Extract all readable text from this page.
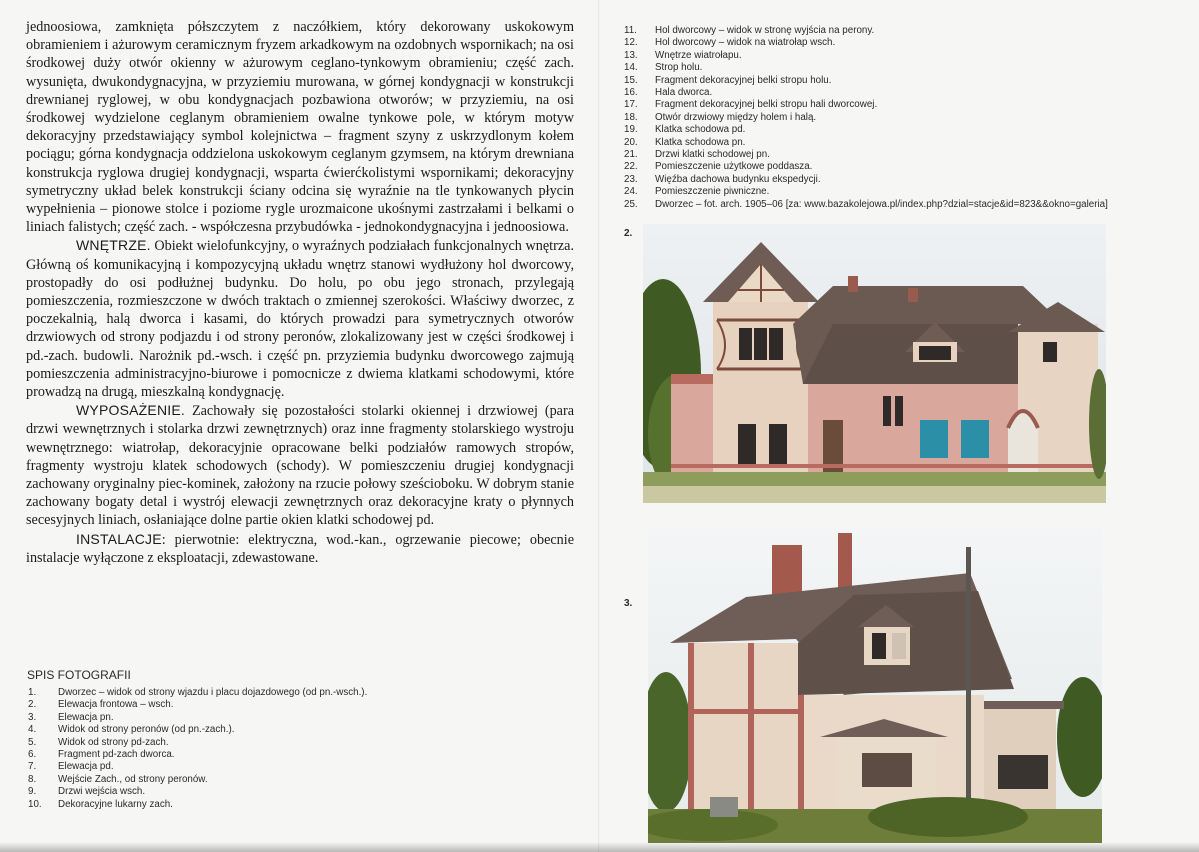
jednoosiowa, zamknięta półszczytem z naczółkiem, który dekorowany uskokowym obramieniem i ażurowym ceramicznym fryzem arkadkowym na ozdobnych wspornikach; na osi środkowej duży otwór okienny w ażurowym ceglano-tynkowym obramieniu; część zach. wysunięta, dwukondygnacyjna, w przyziemiu murowana, w górnej kondygnacji w konstrukcji drewnianej ryglowej, w obu kondygnacjach pozbawiona otworów; w przyziemiu, na osi środkowej wydzielone ceglanym obramieniem owalne tynkowe pole, w którym motyw dekoracyjny przedstawiający symbol kolejnictwa – fragment szyny z uskrzydlonym kołem pociągu; górna kondygnacja oddzielona uskokowym ceglanym gzymsem, na którym drewniana konstrukcja ryglowa drugiej kondygnacji, wsparta ćwierćkolistymi wspornikami; dekoracyjny symetryczny układ belek konstrukcji ściany odcina się wyraźnie na tle tynkowanych płycin wypełnienia – pionowe stolce i poziome rygle urozmaicone ukośnymi zastrzałami i belkami o liniach falistych; część zach. - współczesna przybudówka - jednokondygnacyjna i jednoosiowa.

WNĘTRZE. Obiekt wielofunkcyjny, o wyraźnych podziałach funkcjonalnych wnętrza. Główną oś komunikacyjną i kompozycyjną układu wnętrz stanowi wydłużony hol dworcowy, prostopadły do osi podłużnej budynku. Do holu, po obu jego stronach, przylegają pomieszczenia, rozmieszczone w dwóch traktach o zmiennej szerokości. Właściwy dworzec, z poczekalnią, halą dworca i kasami, do których prowadzi para symetrycznych otworów drzwiowych od strony podjazdu i od strony peronów, zlokalizowany jest w części środkowej i pd.-zach. budowli. Narożnik pd.-wsch. i część pn. przyziemia budynku dworcowego zajmują pomieszczenia administracyjno-biurowe i pomocnicze z dwiema klatkami schodowymi, które prowadzą na drugą, mieszkalną kondygnację.

WYPOSAŻENIE. Zachowały się pozostałości stolarki okiennej i drzwiowej (para drzwi wewnętrznych i stolarka drzwi zewnętrznych) oraz inne fragmenty stolarskiego wystroju wewnętrznego: wiatrołap, dekoracyjnie opracowane belki podziałów ramowych stropów, fragmenty wystroju klatek schodowych (schody). W pomieszczeniu drugiej kondygnacji zachowany oryginalny piec-kominek, założony na rzucie połowy sześcioboku. W dobrym stanie zachowany bogaty detal i wystrój elewacji zewnętrznych oraz dekoracyjne kraty o płynnych secesyjnych liniach, osłaniające dolne partie okien klatki schodowej pd.

INSTALACJE: pierwotnie: elektryczna, wod.-kan., ogrzewanie piecowe; obecnie instalacje wyłączone z eksploatacji, zdewastowane.

SPIS FOTOGRAFII
1.	Dworzec – widok od strony wjazdu i placu dojazdowego (od pn.-wsch.).
2.	Elewacja frontowa – wsch.
3.	Elewacja pn.
4.	Widok od strony peronów (od pn.-zach.).
5.	Widok od strony pd-zach.
6.	Fragment pd-zach dworca.
7.	Elewacja pd.
8.	Wejście Zach., od strony peronów.
9.	Drzwi wejścia wsch.
10.	Dekoracyjne lukarny zach.
11.	Hol dworcowy – widok w stronę wyjścia na perony.
12.	Hol dworcowy – widok na wiatrołap wsch.
13.	Wnętrze wiatrołapu.
14.	Strop holu.
15.	Fragment dekoracyjnej belki stropu holu.
16.	Hala dworca.
17.	Fragment dekoracyjnej belki stropu hali dworcowej.
18.	Otwór drzwiowy między holem i halą.
19.	Klatka schodowa pd.
20.	Klatka schodowa pn.
21.	Drzwi klatki schodowej pn.
22.	Pomieszczenie użytkowe poddasza.
23.	Więźba dachowa budynku ekspedycji.
24.	Pomieszczenie piwniczne.
25.	Dworzec – fot. arch. 1905–06 [za: www.bazakolejowa.pl/index.php?dzial=stacje&id=823&&okno=galeria]
2.
3.
